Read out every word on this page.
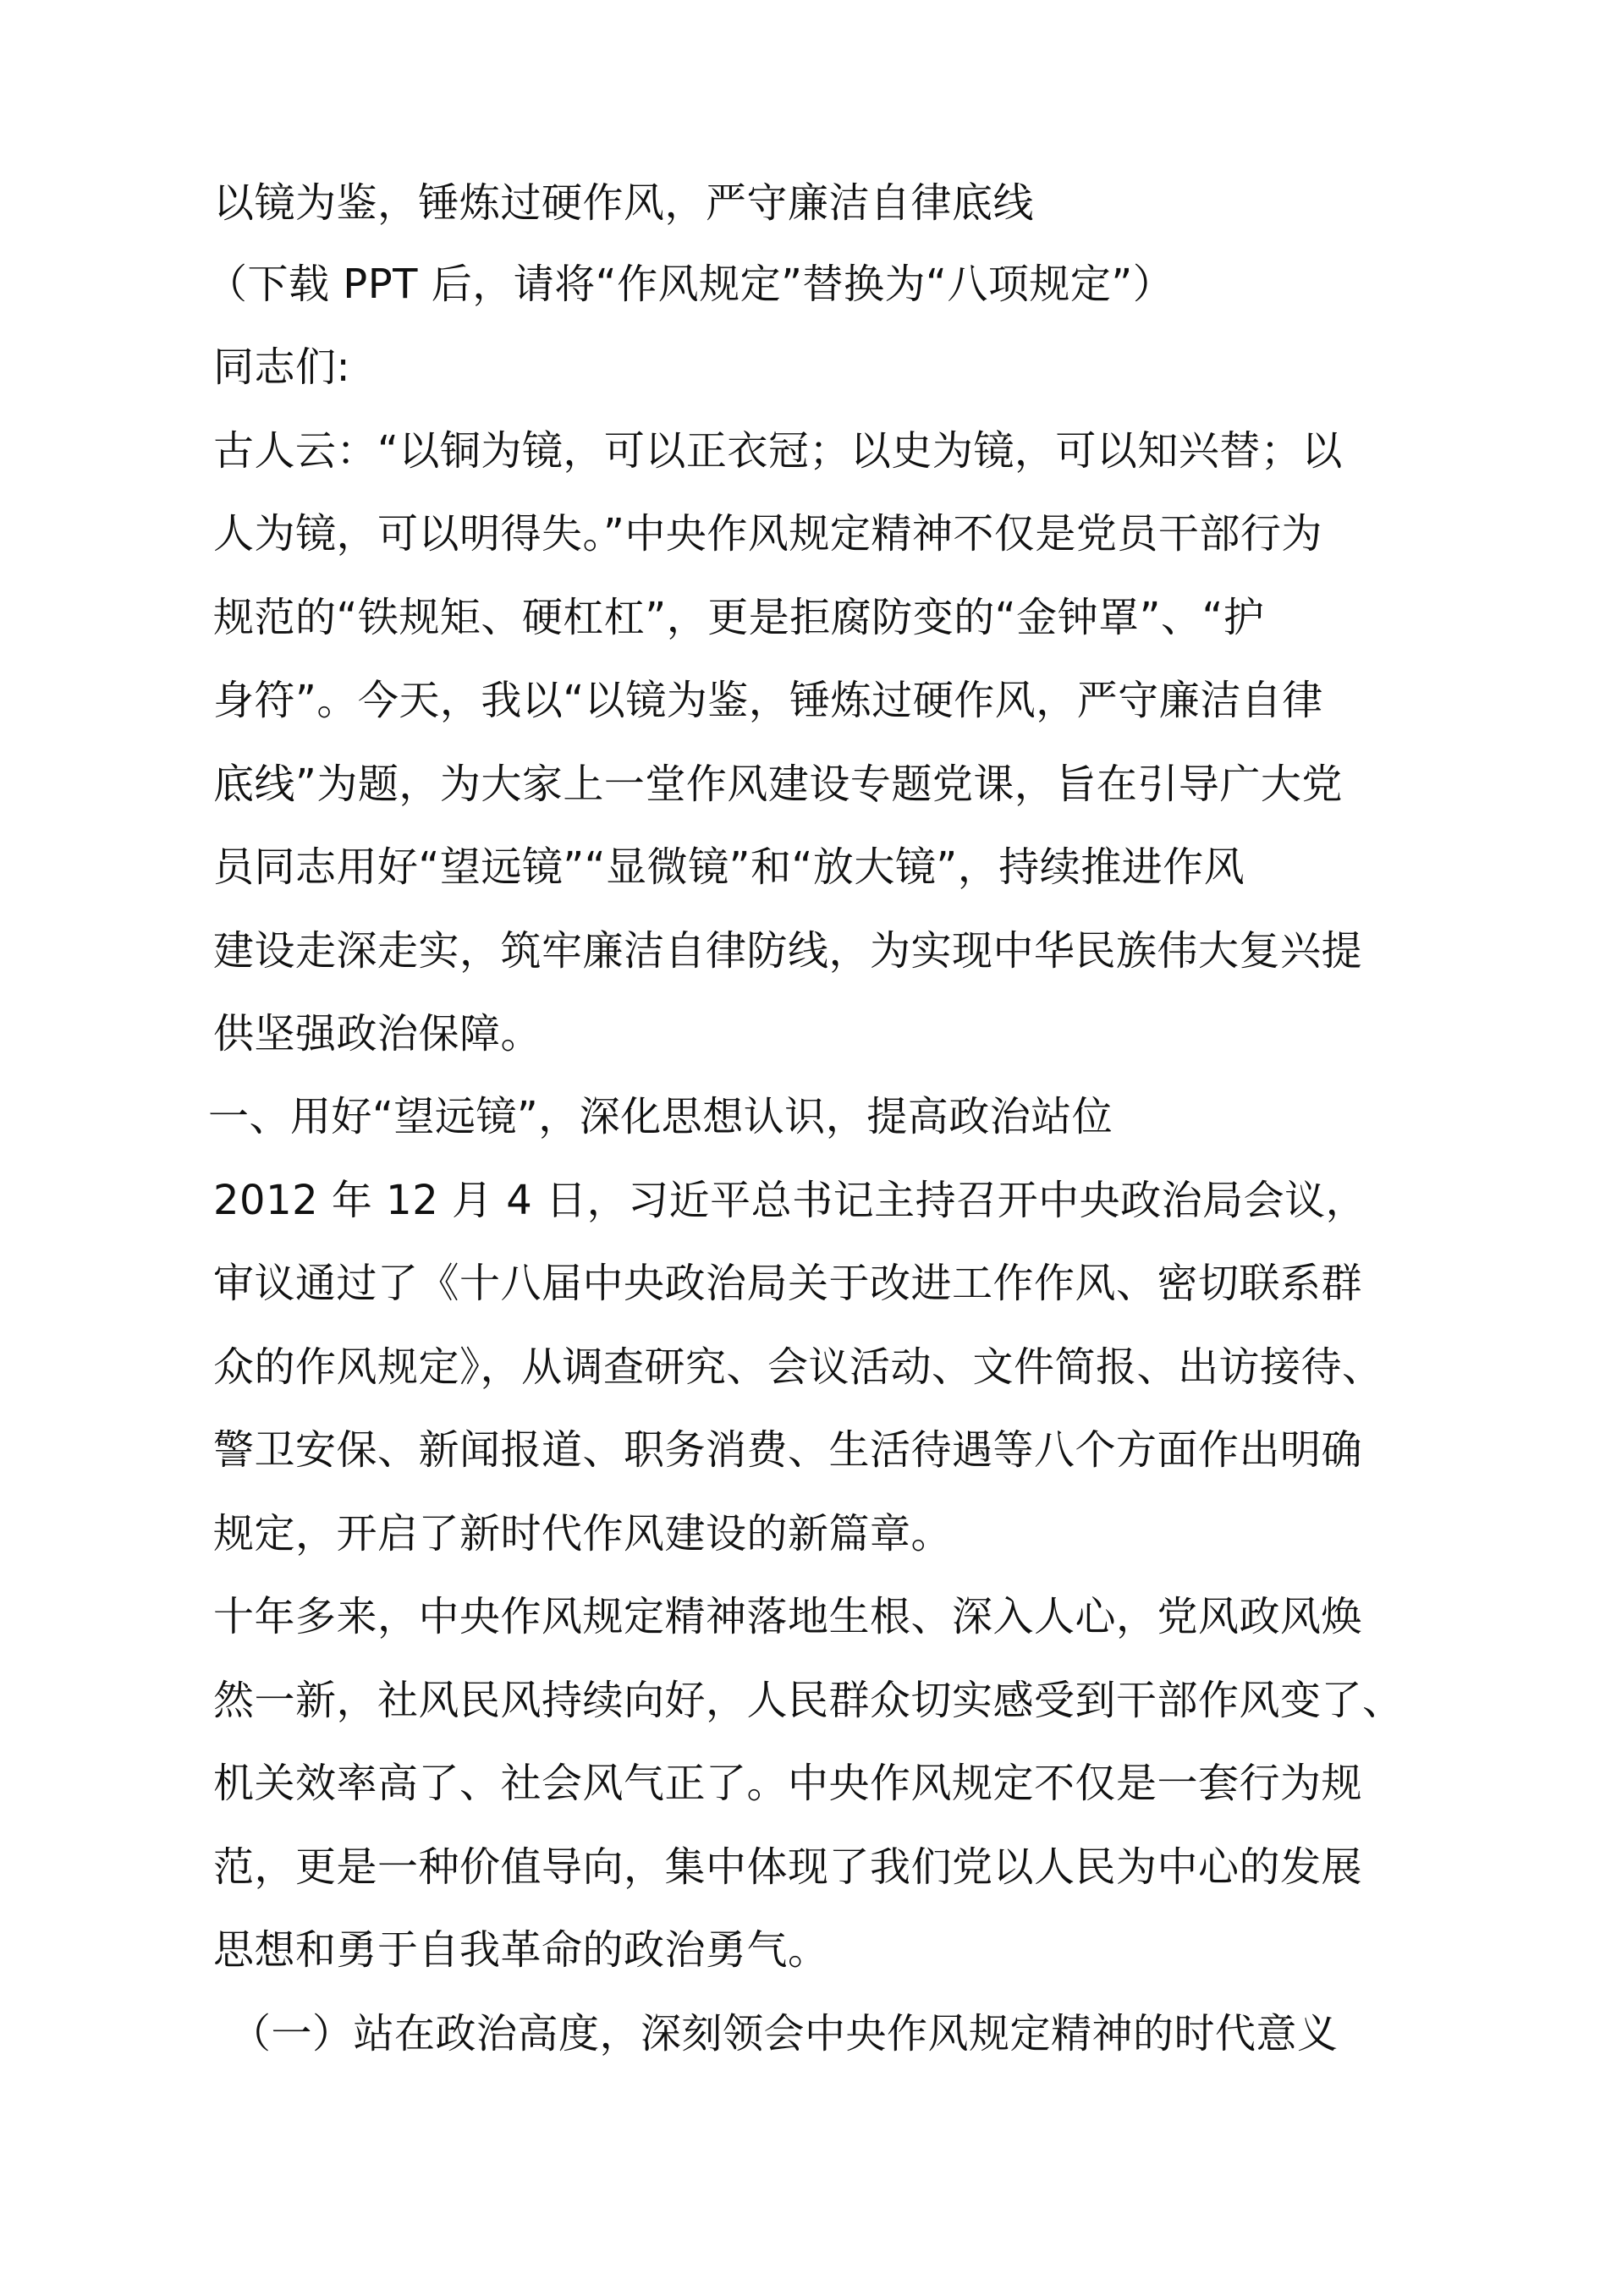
以镜为鉴，锤炼过硬作风，严守廉洁自律底线
（下载 PPT 后，请将“作风规定”替换为“八项规定”）
同志们:
古人云：“以铜为镜，可以正衣冠；以史为镜，可以知兴替；以
人为镜，可以明得失。”中央作风规定精神不仅是党员干部行为
规范的“铁规矩、硬杠杠”，更是拒腐防变的“金钟罩”、“护
身符”。今天，我以“以镜为鉴，锤炼过硬作风，严守廉洁自律
底线”为题，为大家上一堂作风建设专题党课，旨在引导广大党
员同志用好“望远镜”“显微镜”和“放大镜”，持续推进作风
建设走深走实，筑牢廉洁自律防线，为实现中华民族伟大复兴提
供坚强政治保障。
一、用好“望远镜”，深化思想认识，提高政治站位
2012 年 12 月 4 日，习近平总书记主持召开中央政治局会议，
审议通过了《十八届中央政治局关于改进工作作风、密切联系群
众的作风规定》，从调查研究、会议活动、文件简报、出访接待、
警卫安保、新闻报道、职务消费、生活待遇等八个方面作出明确
规定，开启了新时代作风建设的新篇章。
十年多来，中央作风规定精神落地生根、深入人心，党风政风焕
然一新，社风民风持续向好，人民群众切实感受到干部作风变了、
机关效率高了、社会风气正了。中央作风规定不仅是一套行为规
范，更是一种价值导向，集中体现了我们党以人民为中心的发展
思想和勇于自我革命的政治勇气。
（一）站在政治高度，深刻领会中央作风规定精神的时代意义
